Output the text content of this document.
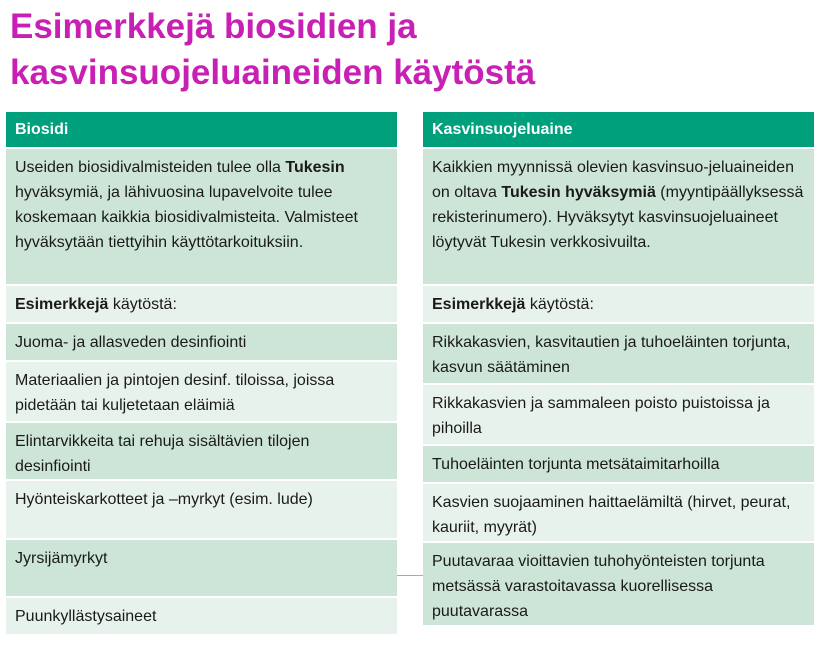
Esimerkkejä biosidien ja
kasvinsuojeluaineiden käytöstä
Biosidi
Useiden biosidivalmisteiden tulee olla Tukesin hyväksymiä, ja lähivuosina lupavelvoite tulee koskemaan kaikkia biosidivalmisteita. Valmisteet hyväksytään tiettyihin käyttötarkoituksiin.
Esimerkkejä käytöstä:
Juoma- ja allasveden desinfiointi
Materiaalien ja pintojen desinf. tiloissa, joissa pidetään tai kuljetetaan eläimiä
Elintarvikkeita tai rehuja sisältävien tilojen desinfiointi
Hyönteiskarkotteet ja –myrkyt (esim. lude)
Jyrsijämyrkyt
Puunkyllästysaineet
Kasvinsuojeluaine
Kaikkien myynnissä olevien kasvinsuo-jeluaineiden on oltava Tukesin hyväksymiä (myyntipäällyksessä rekisterinumero). Hyväksytyt kasvinsuojeluaineet löytyvät Tukesin verkkosivuilta.
Esimerkkejä käytöstä:
Rikkakasvien, kasvitautien ja tuhoeläinten torjunta, kasvun säätäminen
Rikkakasvien ja sammaleen poisto puistoissa ja pihoilla
Tuhoeläinten torjunta metsätaimitarhoilla
Kasvien suojaaminen haittaelämiltä (hirvet, peurat, kauriit, myyrät)
Puutavaraa vioittavien tuhohyönteisten torjunta metsässä varastoitavassa kuorellisessa puutavarassa
